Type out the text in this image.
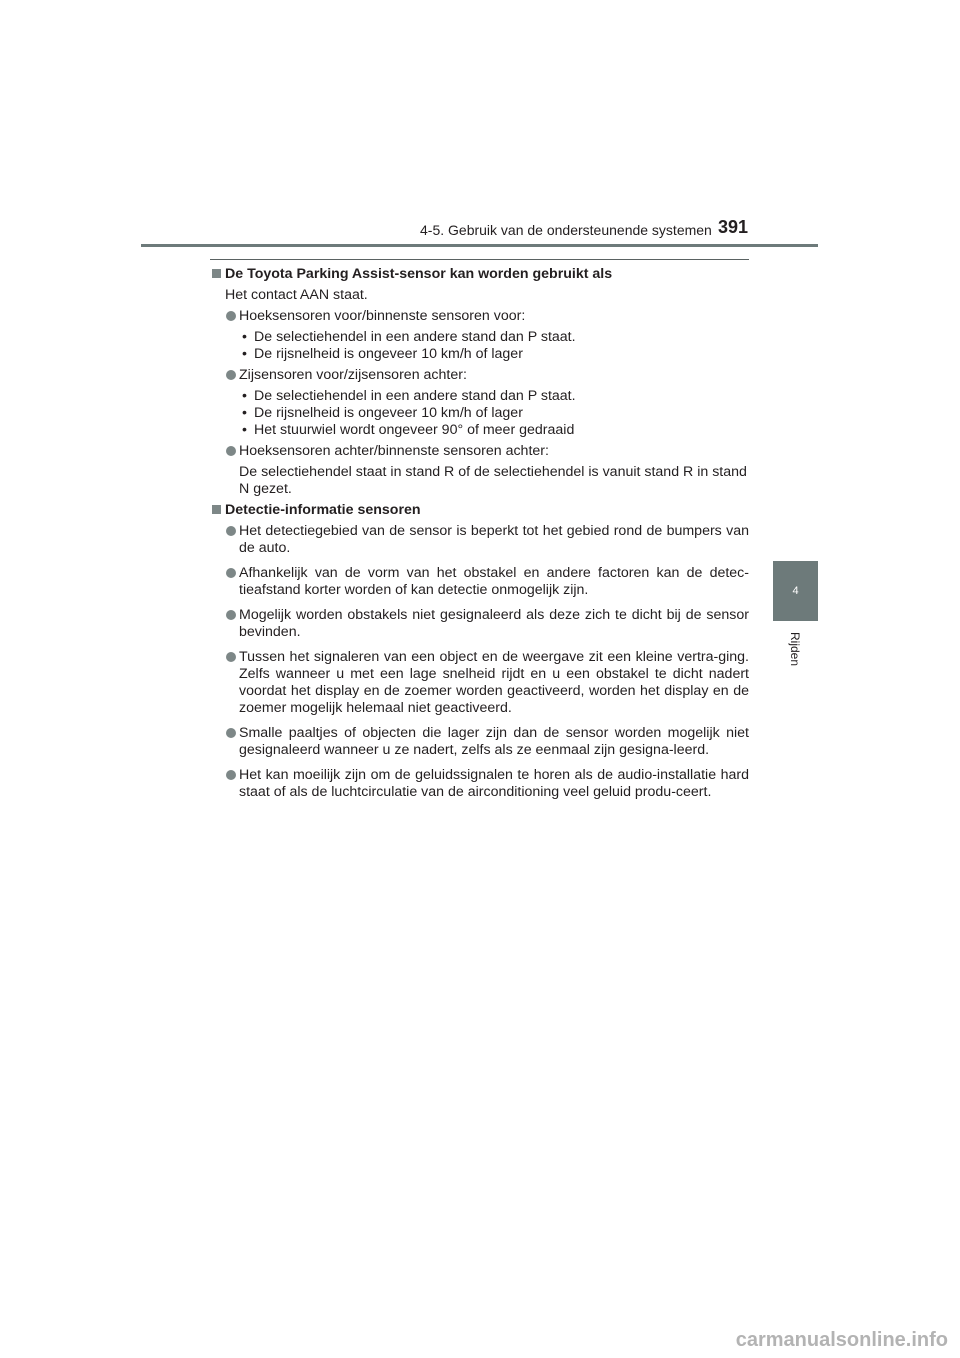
4-5. Gebruik van de ondersteunende systemen 391
4
Rijden
De Toyota Parking Assist-sensor kan worden gebruikt als
Het contact AAN staat.
Hoeksensoren voor/binnenste sensoren voor:
• De selectiehendel in een andere stand dan P staat.
• De rijsnelheid is ongeveer 10 km/h of lager
Zijsensoren voor/zijsensoren achter:
• De selectiehendel in een andere stand dan P staat.
• De rijsnelheid is ongeveer 10 km/h of lager
• Het stuurwiel wordt ongeveer 90° of meer gedraaid
Hoeksensoren achter/binnenste sensoren achter:
De selectiehendel staat in stand R of de selectiehendel is vanuit stand R in stand N gezet.
Detectie-informatie sensoren
Het detectiegebied van de sensor is beperkt tot het gebied rond de bumpers van de auto.
Afhankelijk van de vorm van het obstakel en andere factoren kan de detec-tieafstand korter worden of kan detectie onmogelijk zijn.
Mogelijk worden obstakels niet gesignaleerd als deze zich te dicht bij de sensor bevinden.
Tussen het signaleren van een object en de weergave zit een kleine vertra-ging. Zelfs wanneer u met een lage snelheid rijdt en u een obstakel te dicht nadert voordat het display en de zoemer worden geactiveerd, worden het display en de zoemer mogelijk helemaal niet geactiveerd.
Smalle paaltjes of objecten die lager zijn dan de sensor worden mogelijk niet gesignaleerd wanneer u ze nadert, zelfs als ze eenmaal zijn gesigna-leerd.
Het kan moeilijk zijn om de geluidssignalen te horen als de audio-installatie hard staat of als de luchtcirculatie van de airconditioning veel geluid produ-ceert.
carmanualsonline.info
